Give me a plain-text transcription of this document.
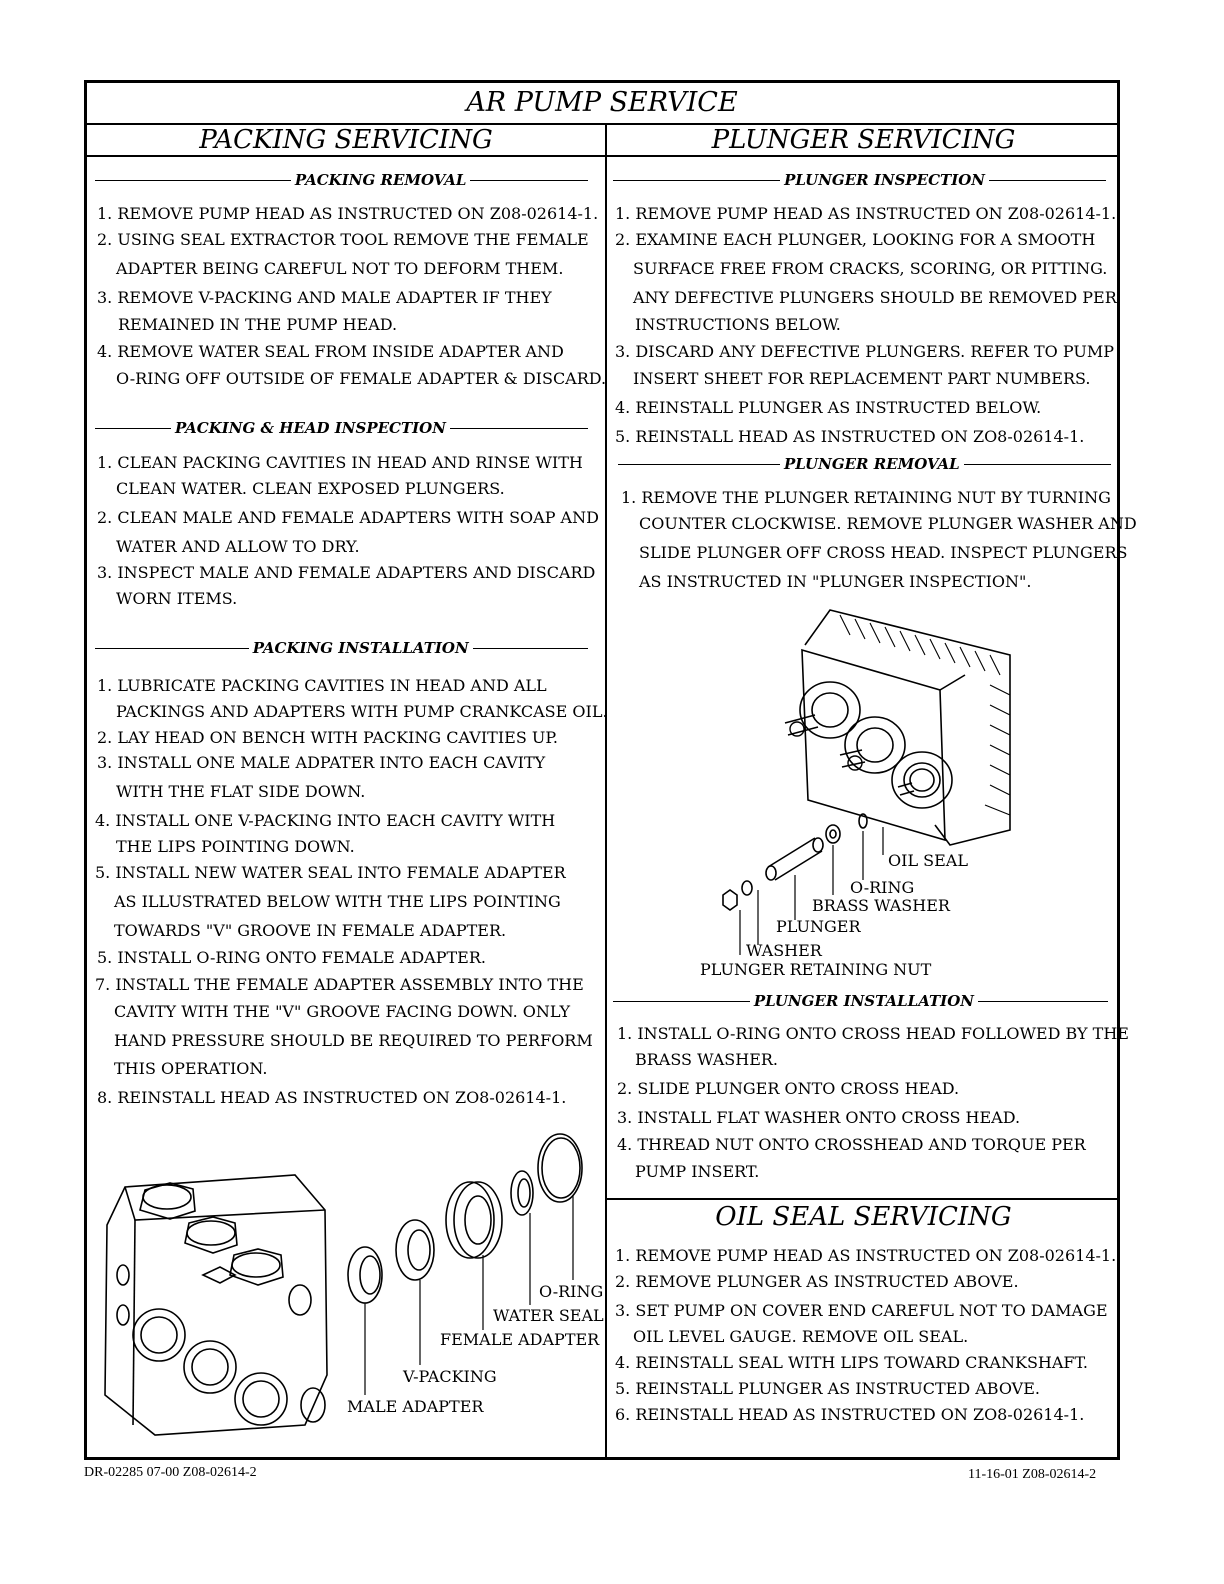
AR PUMP SERVICE
PACKING SERVICING	PLUNGER SERVICING
OIL SEAL SERVICING
PACKING REMOVAL
1. REMOVE PUMP HEAD AS INSTRUCTED ON Z08-02614-1.
2. USING SEAL EXTRACTOR TOOL REMOVE THE FEMALE
ADAPTER BEING CAREFUL NOT TO DEFORM THEM.
3. REMOVE V-PACKING AND MALE ADAPTER IF THEY
REMAINED IN THE PUMP HEAD.
4. REMOVE WATER SEAL FROM INSIDE ADAPTER AND
O-RING OFF OUTSIDE OF FEMALE ADAPTER & DISCARD.
PACKING & HEAD INSPECTION
1. CLEAN PACKING CAVITIES IN HEAD AND RINSE WITH
CLEAN WATER. CLEAN EXPOSED PLUNGERS.
2. CLEAN MALE AND FEMALE ADAPTERS WITH SOAP AND
WATER AND ALLOW TO DRY.
3. INSPECT MALE AND FEMALE ADAPTERS AND DISCARD
WORN ITEMS.
PACKING INSTALLATION
1. LUBRICATE PACKING CAVITIES IN HEAD AND ALL
PACKINGS AND ADAPTERS WITH PUMP CRANKCASE OIL.
2. LAY HEAD ON BENCH WITH PACKING CAVITIES UP.
3. INSTALL ONE MALE ADPATER INTO EACH CAVITY
WITH THE FLAT SIDE DOWN.
4. INSTALL ONE V-PACKING INTO EACH CAVITY WITH
THE LIPS POINTING DOWN.
5. INSTALL NEW WATER SEAL INTO FEMALE ADAPTER
AS ILLUSTRATED BELOW WITH THE LIPS POINTING
TOWARDS "V" GROOVE IN FEMALE ADAPTER.
5. INSTALL O-RING ONTO FEMALE ADAPTER.
7. INSTALL THE FEMALE ADAPTER ASSEMBLY INTO THE
CAVITY WITH THE "V" GROOVE FACING DOWN. ONLY
HAND PRESSURE SHOULD BE REQUIRED TO PERFORM
THIS OPERATION.
8. REINSTALL HEAD AS INSTRUCTED ON ZO8-02614-1.
O-RING
WATER SEAL
FEMALE ADAPTER
V-PACKING
MALE ADAPTER
PLUNGER INSPECTION
1. REMOVE PUMP HEAD AS INSTRUCTED ON Z08-02614-1.
2. EXAMINE EACH PLUNGER, LOOKING FOR A SMOOTH
SURFACE FREE FROM CRACKS, SCORING, OR PITTING.
ANY DEFECTIVE PLUNGERS SHOULD BE REMOVED PER
INSTRUCTIONS BELOW.
3. DISCARD ANY DEFECTIVE PLUNGERS. REFER TO PUMP
INSERT SHEET FOR REPLACEMENT PART NUMBERS.
4. REINSTALL PLUNGER AS INSTRUCTED BELOW.
5. REINSTALL HEAD AS INSTRUCTED ON ZO8-02614-1.
PLUNGER REMOVAL
1. REMOVE THE PLUNGER RETAINING NUT BY TURNING
COUNTER CLOCKWISE. REMOVE PLUNGER WASHER AND
SLIDE PLUNGER OFF CROSS HEAD. INSPECT PLUNGERS
AS INSTRUCTED IN "PLUNGER INSPECTION".
OIL SEAL
O-RING
BRASS WASHER
PLUNGER
WASHER
PLUNGER RETAINING NUT
PLUNGER INSTALLATION
1. INSTALL O-RING ONTO CROSS HEAD FOLLOWED BY THE
BRASS WASHER.
2. SLIDE PLUNGER ONTO CROSS HEAD.
3. INSTALL FLAT WASHER ONTO CROSS HEAD.
4. THREAD NUT ONTO CROSSHEAD AND TORQUE PER
PUMP INSERT.
1. REMOVE PUMP HEAD AS INSTRUCTED ON Z08-02614-1.
2. REMOVE PLUNGER AS INSTRUCTED ABOVE.
3. SET PUMP ON COVER END CAREFUL NOT TO DAMAGE
OIL LEVEL GAUGE. REMOVE OIL SEAL.
4. REINSTALL SEAL WITH LIPS TOWARD CRANKSHAFT.
5. REINSTALL PLUNGER AS INSTRUCTED ABOVE.
6. REINSTALL HEAD AS INSTRUCTED ON ZO8-02614-1.
DR-02285 07-00 Z08-02614-2	11-16-01 Z08-02614-2
